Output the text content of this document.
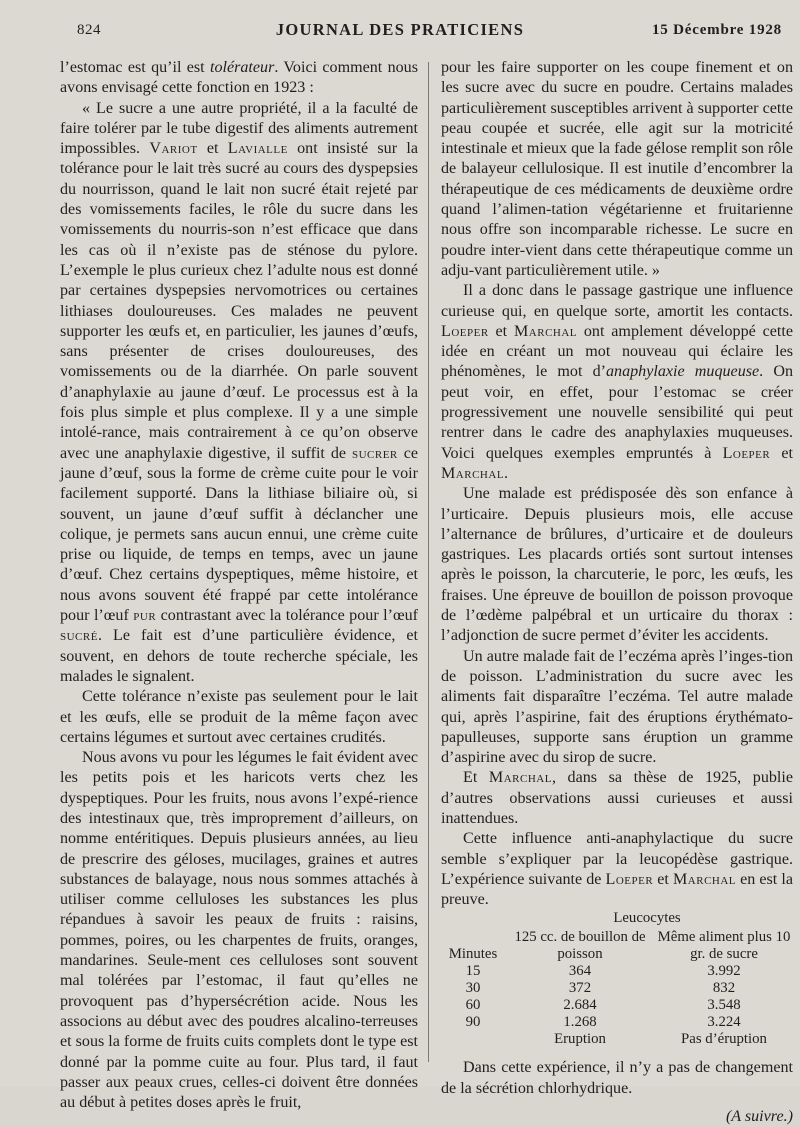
824	JOURNAL DES PRATICIENS	15 Décembre 1928

l’estomac est qu’il est tolérateur. Voici comment nous avons envisagé cette fonction en 1923 :

« Le sucre a une autre propriété, il a la faculté de faire tolérer par le tube digestif des aliments autrement impossibles. Variot et Lavialle ont insisté sur la tolérance pour le lait très sucré au cours des dyspepsies du nourrisson, quand le lait non sucré était rejeté par des vomissements faciles, le rôle du sucre dans les vomissements du nourris-son n’est efficace que dans les cas où il n’existe pas de sténose du pylore. L’exemple le plus curieux chez l’adulte nous est donné par certaines dyspepsies nervomotrices ou certaines lithiases douloureuses. Ces malades ne peuvent supporter les œufs et, en particulier, les jaunes d’œufs, sans présenter de crises douloureuses, des vomissements ou de la diarrhée. On parle souvent d’anaphylaxie au jaune d’œuf. Le processus est à la fois plus simple et plus complexe. Il y a une simple intolé-rance, mais contrairement à ce qu’on observe avec une anaphylaxie digestive, il suffit de sucrer ce jaune d’œuf, sous la forme de crème cuite pour le voir facilement supporté. Dans la lithiase biliaire où, si souvent, un jaune d’œuf suffit à déclancher une colique, je permets sans aucun ennui, une crème cuite prise ou liquide, de temps en temps, avec un jaune d’œuf. Chez certains dyspeptiques, même histoire, et nous avons souvent été frappé par cette intolérance pour l’œuf pur contrastant avec la tolérance pour l’œuf sucré. Le fait est d’une particulière évidence, et souvent, en dehors de toute recherche spéciale, les malades le signalent.

Cette tolérance n’existe pas seulement pour le lait et les œufs, elle se produit de la même façon avec certains légumes et surtout avec certaines crudités.

Nous avons vu pour les légumes le fait évident avec les petits pois et les haricots verts chez les dyspeptiques. Pour les fruits, nous avons l’expé-rience des intestinaux que, très improprement d’ailleurs, on nomme entéritiques. Depuis plusieurs années, au lieu de prescrire des géloses, mucilages, graines et autres substances de balayage, nous nous sommes attachés à utiliser comme celluloses les substances les plus répandues à savoir les peaux de fruits : raisins, pommes, poires, ou les charpentes de fruits, oranges, mandarines. Seule-ment ces celluloses sont souvent mal tolérées par l’estomac, il faut qu’elles ne provoquent pas d’hypersécrétion acide. Nous les associons au début avec des poudres alcalino-terreuses et sous la forme de fruits cuits complets dont le type est donné par la pomme cuite au four. Plus tard, il faut passer aux peaux crues, celles-ci doivent être données au début à petites doses après le fruit,

pour les faire supporter on les coupe finement et on les sucre avec du sucre en poudre. Certains malades particulièrement susceptibles arrivent à supporter cette peau coupée et sucrée, elle agit sur la motricité intestinale et mieux que la fade gélose remplit son rôle de balayeur cellulosique. Il est inutile d’encombrer la thérapeutique de ces médicaments de deuxième ordre quand l’alimen-tation végétarienne et fruitarienne nous offre son incomparable richesse. Le sucre en poudre inter-vient dans cette thérapeutique comme un adju-vant particulièrement utile. »

Il a donc dans le passage gastrique une influence curieuse qui, en quelque sorte, amortit les contacts. Loeper et Marchal ont amplement développé cette idée en créant un mot nouveau qui éclaire les phénomènes, le mot d’anaphylaxie muqueuse. On peut voir, en effet, pour l’estomac se créer progressivement une nouvelle sensibilité qui peut rentrer dans le cadre des anaphylaxies muqueuses. Voici quelques exemples empruntés à Loeper et Marchal.

Une malade est prédisposée dès son enfance à l’urticaire. Depuis plusieurs mois, elle accuse l’alternance de brûlures, d’urticaire et de douleurs gastriques. Les placards ortiés sont surtout intenses après le poisson, la charcuterie, le porc, les œufs, les fraises. Une épreuve de bouillon de poisson provoque de l’œdème palpébral et un urticaire du thorax : l’adjonction de sucre permet d’éviter les accidents.

Un autre malade fait de l’eczéma après l’inges-tion de poisson. L’administration du sucre avec les aliments fait disparaître l’eczéma. Tel autre malade qui, après l’aspirine, fait des éruptions érythémato-papulleuses, supporte sans éruption un gramme d’aspirine avec du sirop de sucre.

Et Marchal, dans sa thèse de 1925, publie d’autres observations aussi curieuses et aussi inattendues.

Cette influence anti-anaphylactique du sucre semble s’expliquer par la leucopédèse gastrique. L’expérience suivante de Loeper et Marchal en est la preuve.

Leucocytes
Minutes	125 cc. de bouillon de poisson	Même aliment plus 10 gr. de sucre
15	364	3.992
30	372	832
60	2.684	3.548
90	1.268	3.224
	Eruption	Pas d’éruption

Dans cette expérience, il n’y a pas de changement de la sécrétion chlorhydrique.

(A suivre.)
